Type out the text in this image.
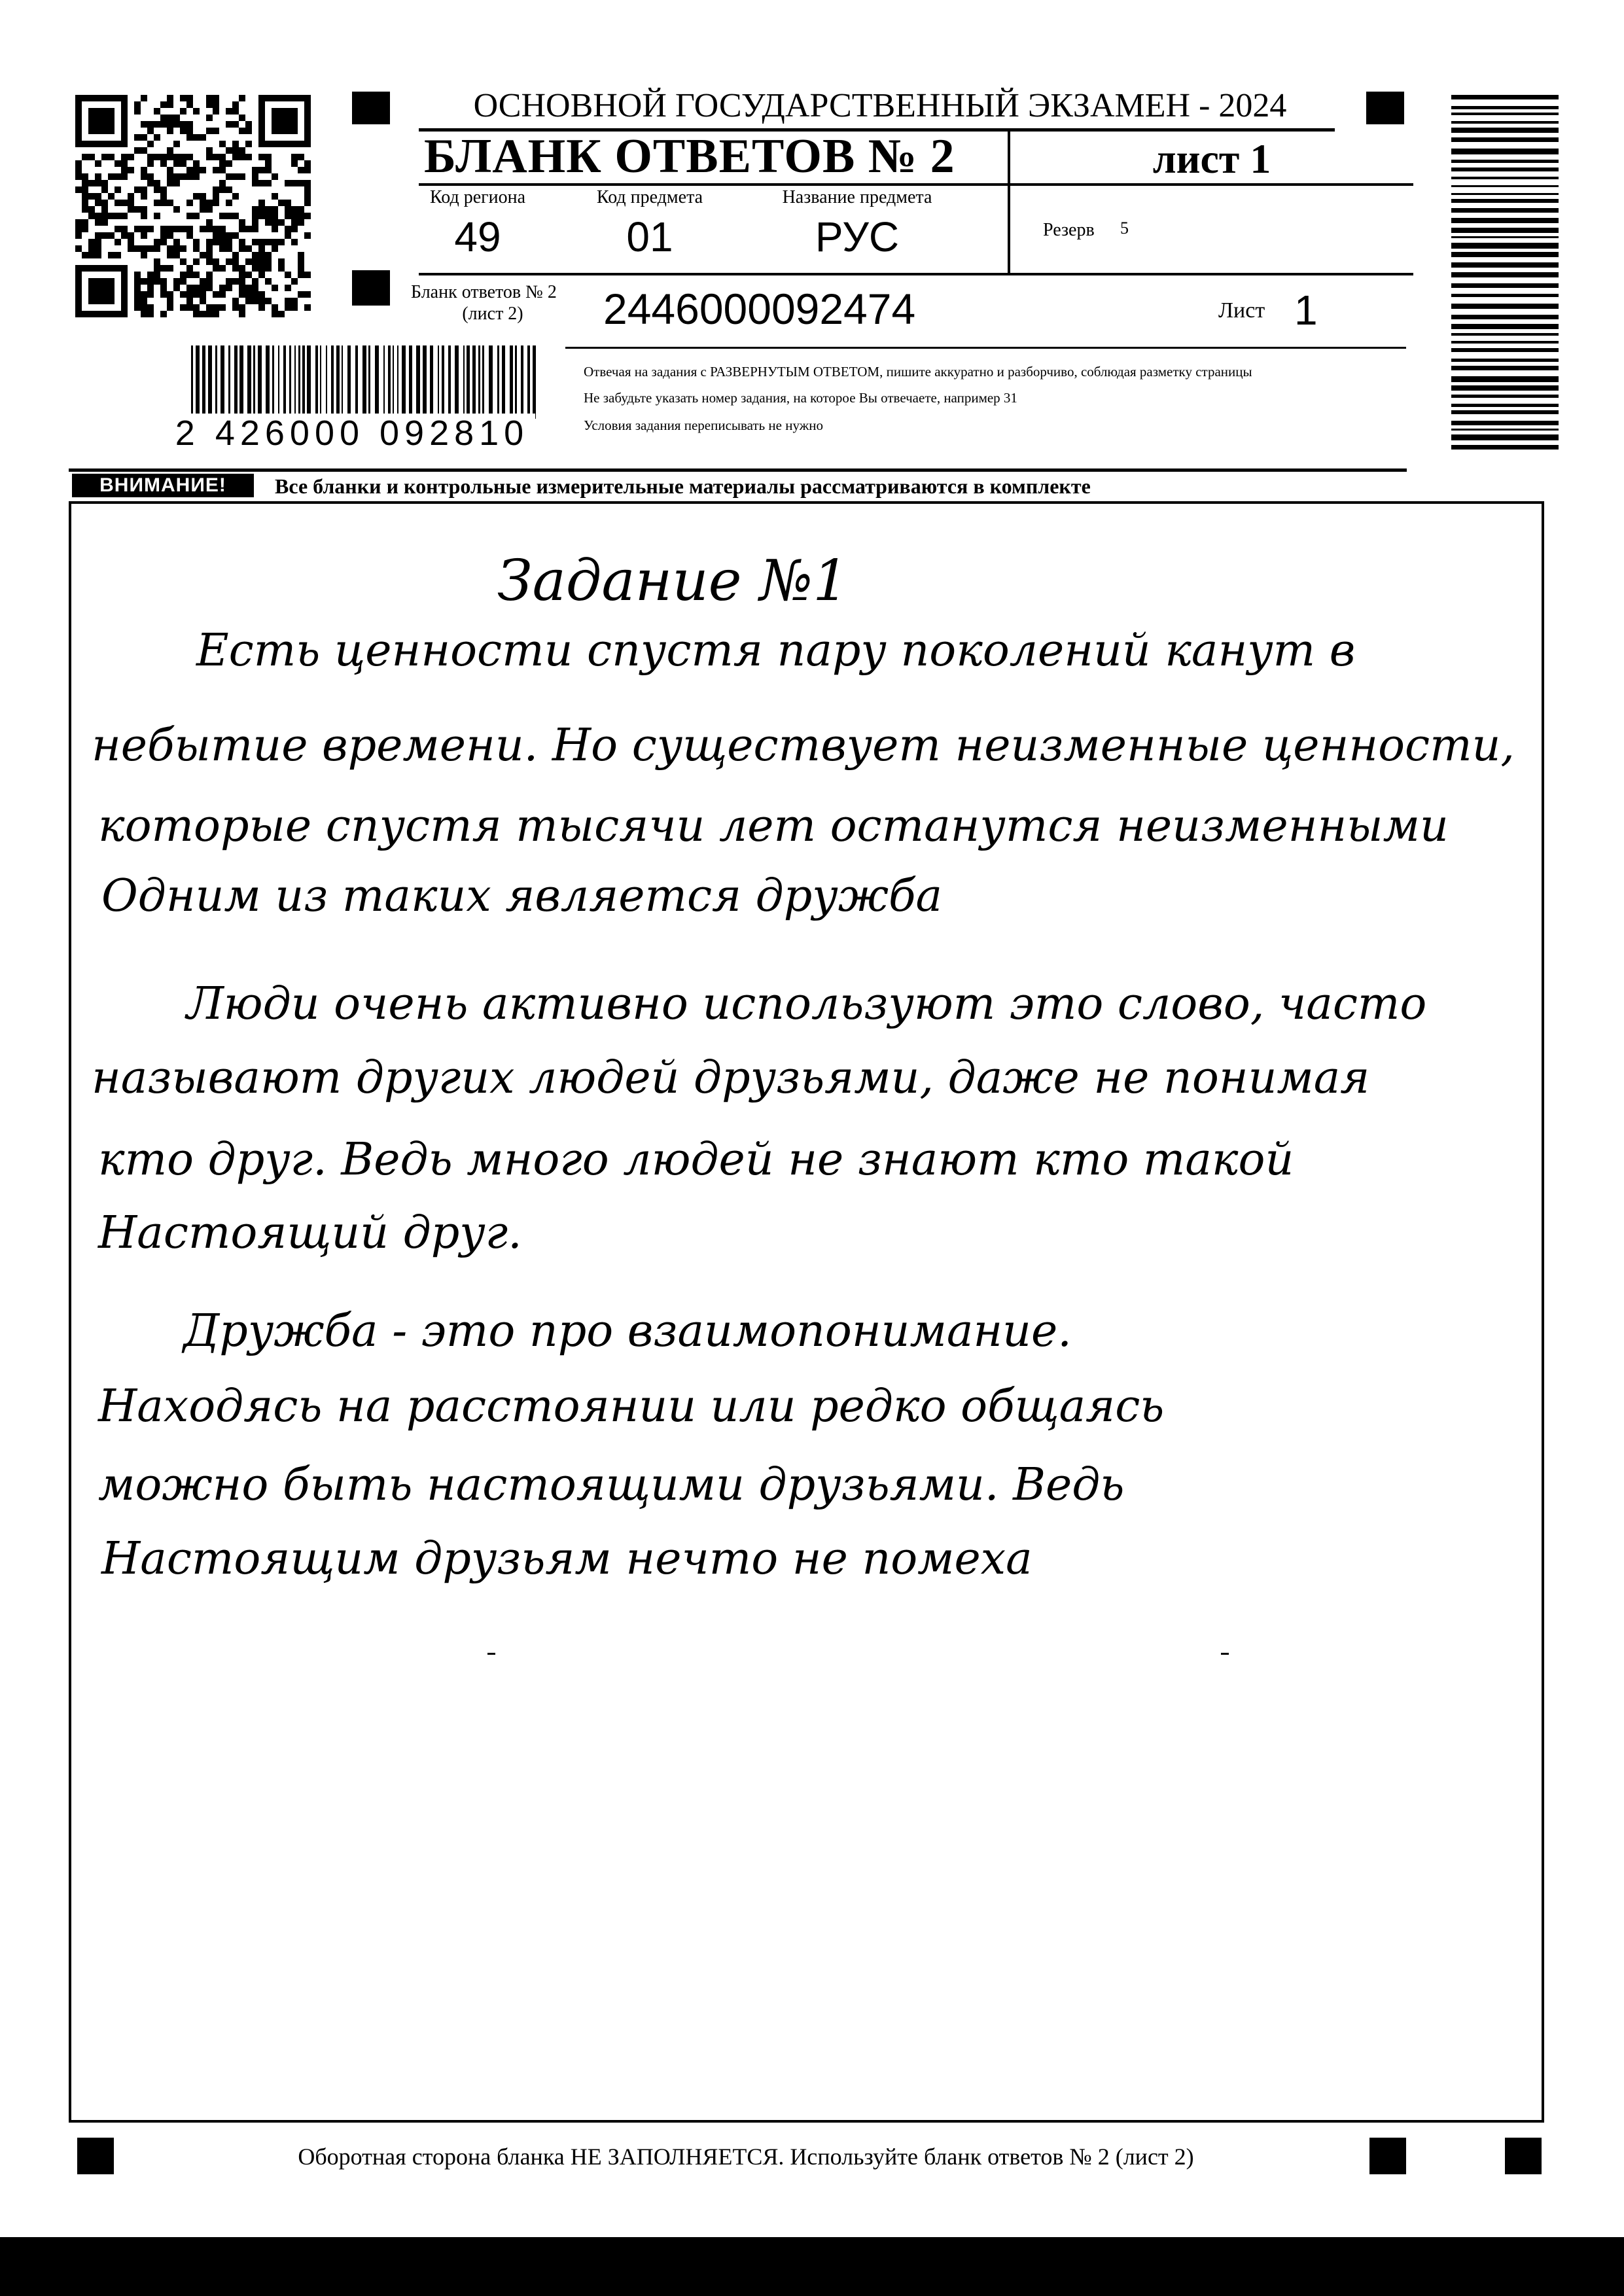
ОСНОВНОЙ ГОСУДАРСТВЕННЫЙ ЭКЗАМЕН - 2024
БЛАНК ОТВЕТОВ № 2	лист 1
Код региона
49
Код предмета
01
Название предмета
РУС	Резерв 5
Бланк ответов № 2
(лист 2)	2446000092474	Лист 1
Отвечая на задания с РАЗВЕРНУТЫМ ОТВЕТОМ, пишите аккуратно и разборчиво, соблюдая разметку страницы
Не забудьте указать номер задания, на которое Вы отвечаете, например 31
Условия задания переписывать не нужно
2 426000 092810
ВНИМАНИЕ!	Все бланки и контрольные измерительные материалы рассматриваются в комплекте
Задание №1
Есть ценности спустя пару поколений канут в
небытие времени. Но существует неизменные ценности,
которые спустя тысячи лет останутся неизменными
Одним из таких является дружба
Люди очень активно используют это слово, часто
называют других людей друзьями, даже не понимая
кто друг. Ведь много людей не знают кто такой
Настоящий друг.
Дружба - это про взаимопонимание.
Находясь на расстоянии или редко общаясь
можно быть настоящими друзьями. Ведь
Настоящим друзьям нечто не помеха
Оборотная сторона бланка НЕ ЗАПОЛНЯЕТСЯ. Используйте бланк ответов № 2 (лист 2)
